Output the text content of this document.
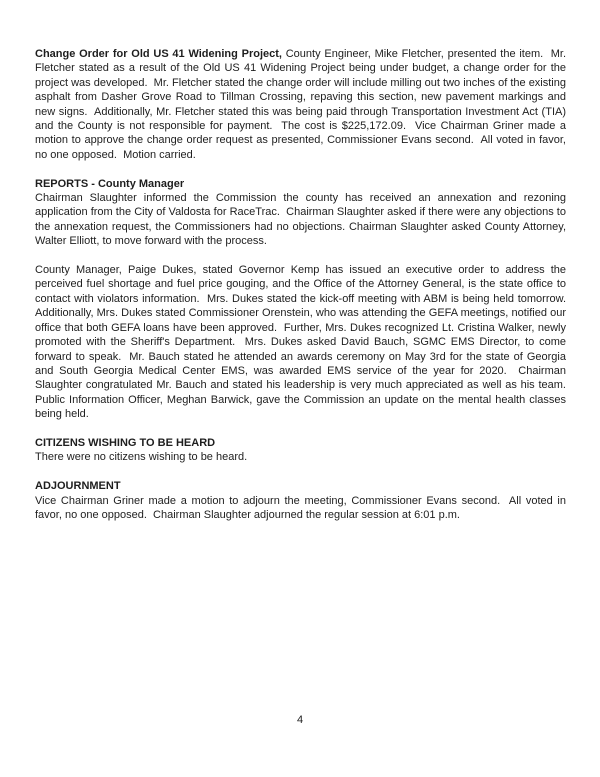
Change Order for Old US 41 Widening Project, County Engineer, Mike Fletcher, presented the item.  Mr. Fletcher stated as a result of the Old US 41 Widening Project being under budget, a change order for the project was developed.  Mr. Fletcher stated the change order will include milling out two inches of the existing asphalt from Dasher Grove Road to Tillman Crossing, repaving this section, new pavement markings and new signs.  Additionally, Mr. Fletcher stated this was being paid through Transportation Investment Act (TIA) and the County is not responsible for payment.  The cost is $225,172.09.  Vice Chairman Griner made a motion to approve the change order request as presented, Commissioner Evans second.  All voted in favor, no one opposed.  Motion carried.

REPORTS - County Manager

Chairman Slaughter informed the Commission the county has received an annexation and rezoning application from the City of Valdosta for RaceTrac.  Chairman Slaughter asked if there were any objections to the annexation request, the Commissioners had no objections. Chairman Slaughter asked County Attorney, Walter Elliott, to move forward with the process.

County Manager, Paige Dukes, stated Governor Kemp has issued an executive order to address the perceived fuel shortage and fuel price gouging, and the Office of the Attorney General, is the state office to contact with violators information.  Mrs. Dukes stated the kick-off meeting with ABM is being held tomorrow.  Additionally, Mrs. Dukes stated Commissioner Orenstein, who was attending the GEFA meetings, notified our office that both GEFA loans have been approved.  Further, Mrs. Dukes recognized Lt. Cristina Walker, newly promoted with the Sheriff's Department.  Mrs. Dukes asked David Bauch, SGMC EMS Director, to come forward to speak.  Mr. Bauch stated he attended an awards ceremony on May 3rd for the state of Georgia and South Georgia Medical Center EMS, was awarded EMS service of the year for 2020.  Chairman Slaughter congratulated Mr. Bauch and stated his leadership is very much appreciated as well as his team.  Public Information Officer, Meghan Barwick, gave the Commission an update on the mental health classes being held.

CITIZENS WISHING TO BE HEARD

There were no citizens wishing to be heard.

ADJOURNMENT

Vice Chairman Griner made a motion to adjourn the meeting, Commissioner Evans second.  All voted in favor, no one opposed.  Chairman Slaughter adjourned the regular session at 6:01 p.m.

4
